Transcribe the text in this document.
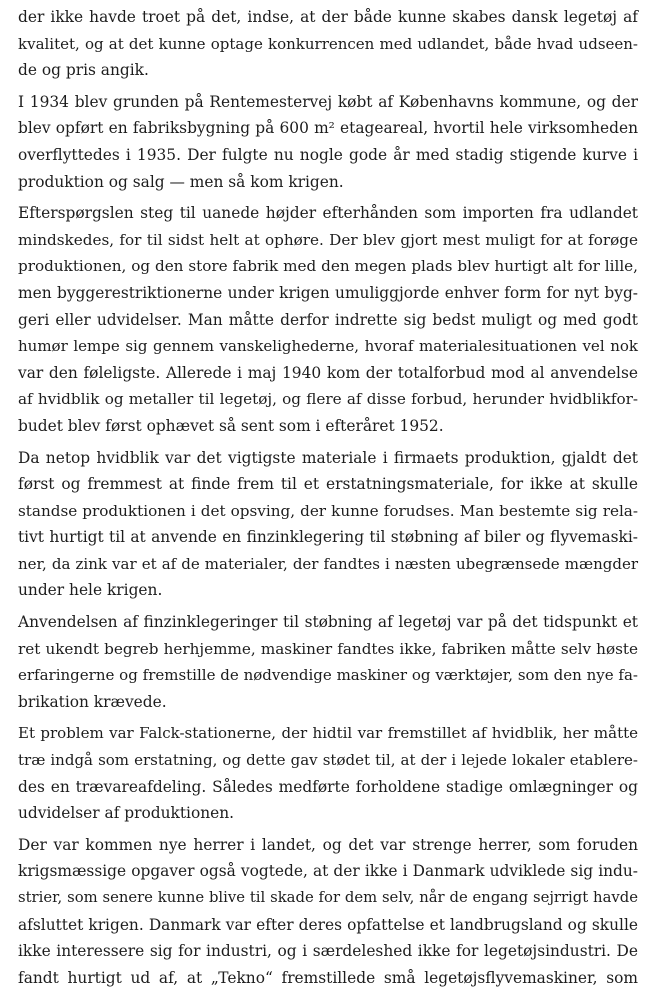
der ikke havde troet på det, indse, at der både kunne skabes dansk legetøj af
kvalitet, og at det kunne optage konkurrencen med udlandet, både hvad udseen-
de og pris angik.
I 1934 blev grunden på Rentemestervej købt af Københavns kommune, og der
blev opført en fabriksbygning på 600 m² etageareal, hvortil hele virksomheden
overflyttedes i 1935. Der fulgte nu nogle gode år med stadig stigende kurve i
produktion og salg — men så kom krigen.
Efterspørgslen steg til uanede højder efterhånden som importen fra udlandet
mindskedes, for til sidst helt at ophøre. Der blev gjort mest muligt for at forøge
produktionen, og den store fabrik med den megen plads blev hurtigt alt for lille,
men byggerestriktionerne under krigen umuliggjorde enhver form for nyt byg-
geri eller udvidelser. Man måtte derfor indrette sig bedst muligt og med godt
humør lempe sig gennem vanskelighederne, hvoraf materialesituationen vel nok
var den føleligste. Allerede i maj 1940 kom der totalforbud mod al anvendelse
af hvidblik og metaller til legetøj, og flere af disse forbud, herunder hvidblikfor-
budet blev først ophævet så sent som i efteråret 1952.
Da netop hvidblik var det vigtigste materiale i firmaets produktion, gjaldt det
først og fremmest at finde frem til et erstatningsmateriale, for ikke at skulle
standse produktionen i det opsving, der kunne forudses. Man bestemte sig rela-
tivt hurtigt til at anvende en finzinklegering til støbning af biler og flyvemaski-
ner, da zink var et af de materialer, der fandtes i næsten ubegrænsede mængder
under hele krigen.
Anvendelsen af finzinklegeringer til støbning af legetøj var på det tidspunkt et
ret ukendt begreb herhjemme, maskiner fandtes ikke, fabriken måtte selv høste
erfaringerne og fremstille de nødvendige maskiner og værktøjer, som den nye fa-
brikation krævede.
Et problem var Falck-stationerne, der hidtil var fremstillet af hvidblik, her måtte
træ indgå som erstatning, og dette gav stødet til, at der i lejede lokaler etablere-
des en trævareafdeling. Således medførte forholdene stadige omlægninger og
udvidelser af produktionen.
Der var kommen nye herrer i landet, og det var strenge herrer, som foruden
krigsmæssige opgaver også vogtede, at der ikke i Danmark udviklede sig indu-
strier, som senere kunne blive til skade for dem selv, når de engang sejrrigt havde
afsluttet krigen. Danmark var efter deres opfattelse et landbrugsland og skulle
ikke interessere sig for industri, og i særdeleshed ikke for legetøjsindustri. De
fandt hurtigt ud af, at „Tekno“ fremstillede små legetøjsflyvemaskiner, som
